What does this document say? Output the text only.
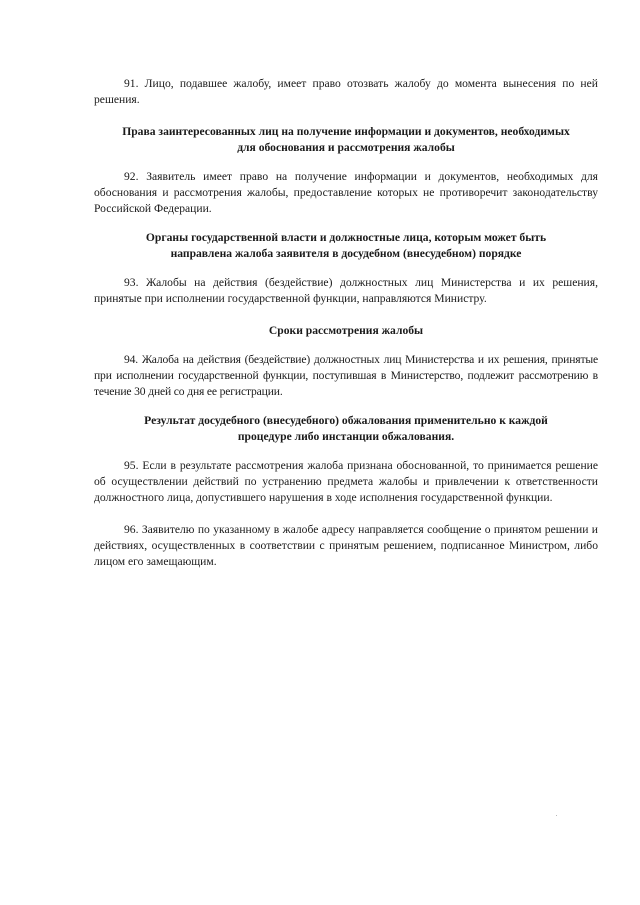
91. Лицо, подавшее жалобу, имеет право отозвать жалобу до момента вынесения по ней решения.

Права заинтересованных лиц на получение информации и документов, необходимых
для обоснования и рассмотрения жалобы

92. Заявитель имеет право на получение информации и документов, необходимых для обоснования и рассмотрения жалобы, предоставление которых не противоречит законодательству Российской Федерации.

Органы государственной власти и должностные лица, которым может быть
направлена жалоба заявителя в досудебном (внесудебном) порядке

93. Жалобы на действия (бездействие) должностных лиц Министерства и их решения, принятые при исполнении государственной функции, направляются Министру.

Сроки рассмотрения жалобы

94. Жалоба на действия (бездействие) должностных лиц Министерства и их решения, принятые при исполнении государственной функции, поступившая в Министерство, подлежит рассмотрению в течение 30 дней со дня ее регистрации.

Результат досудебного (внесудебного) обжалования применительно к каждой
процедуре либо инстанции обжалования.

95. Если в результате рассмотрения жалоба признана обоснованной, то принимается решение об осуществлении действий по устранению предмета жалобы и привлечении к ответственности должностного лица, допустившего нарушения в ходе исполнения государственной функции.

96. Заявителю по указанному в жалобе адресу направляется сообщение о принятом решении и действиях, осуществленных в соответствии с принятым решением, подписанное Министром, либо лицом его замещающим.
